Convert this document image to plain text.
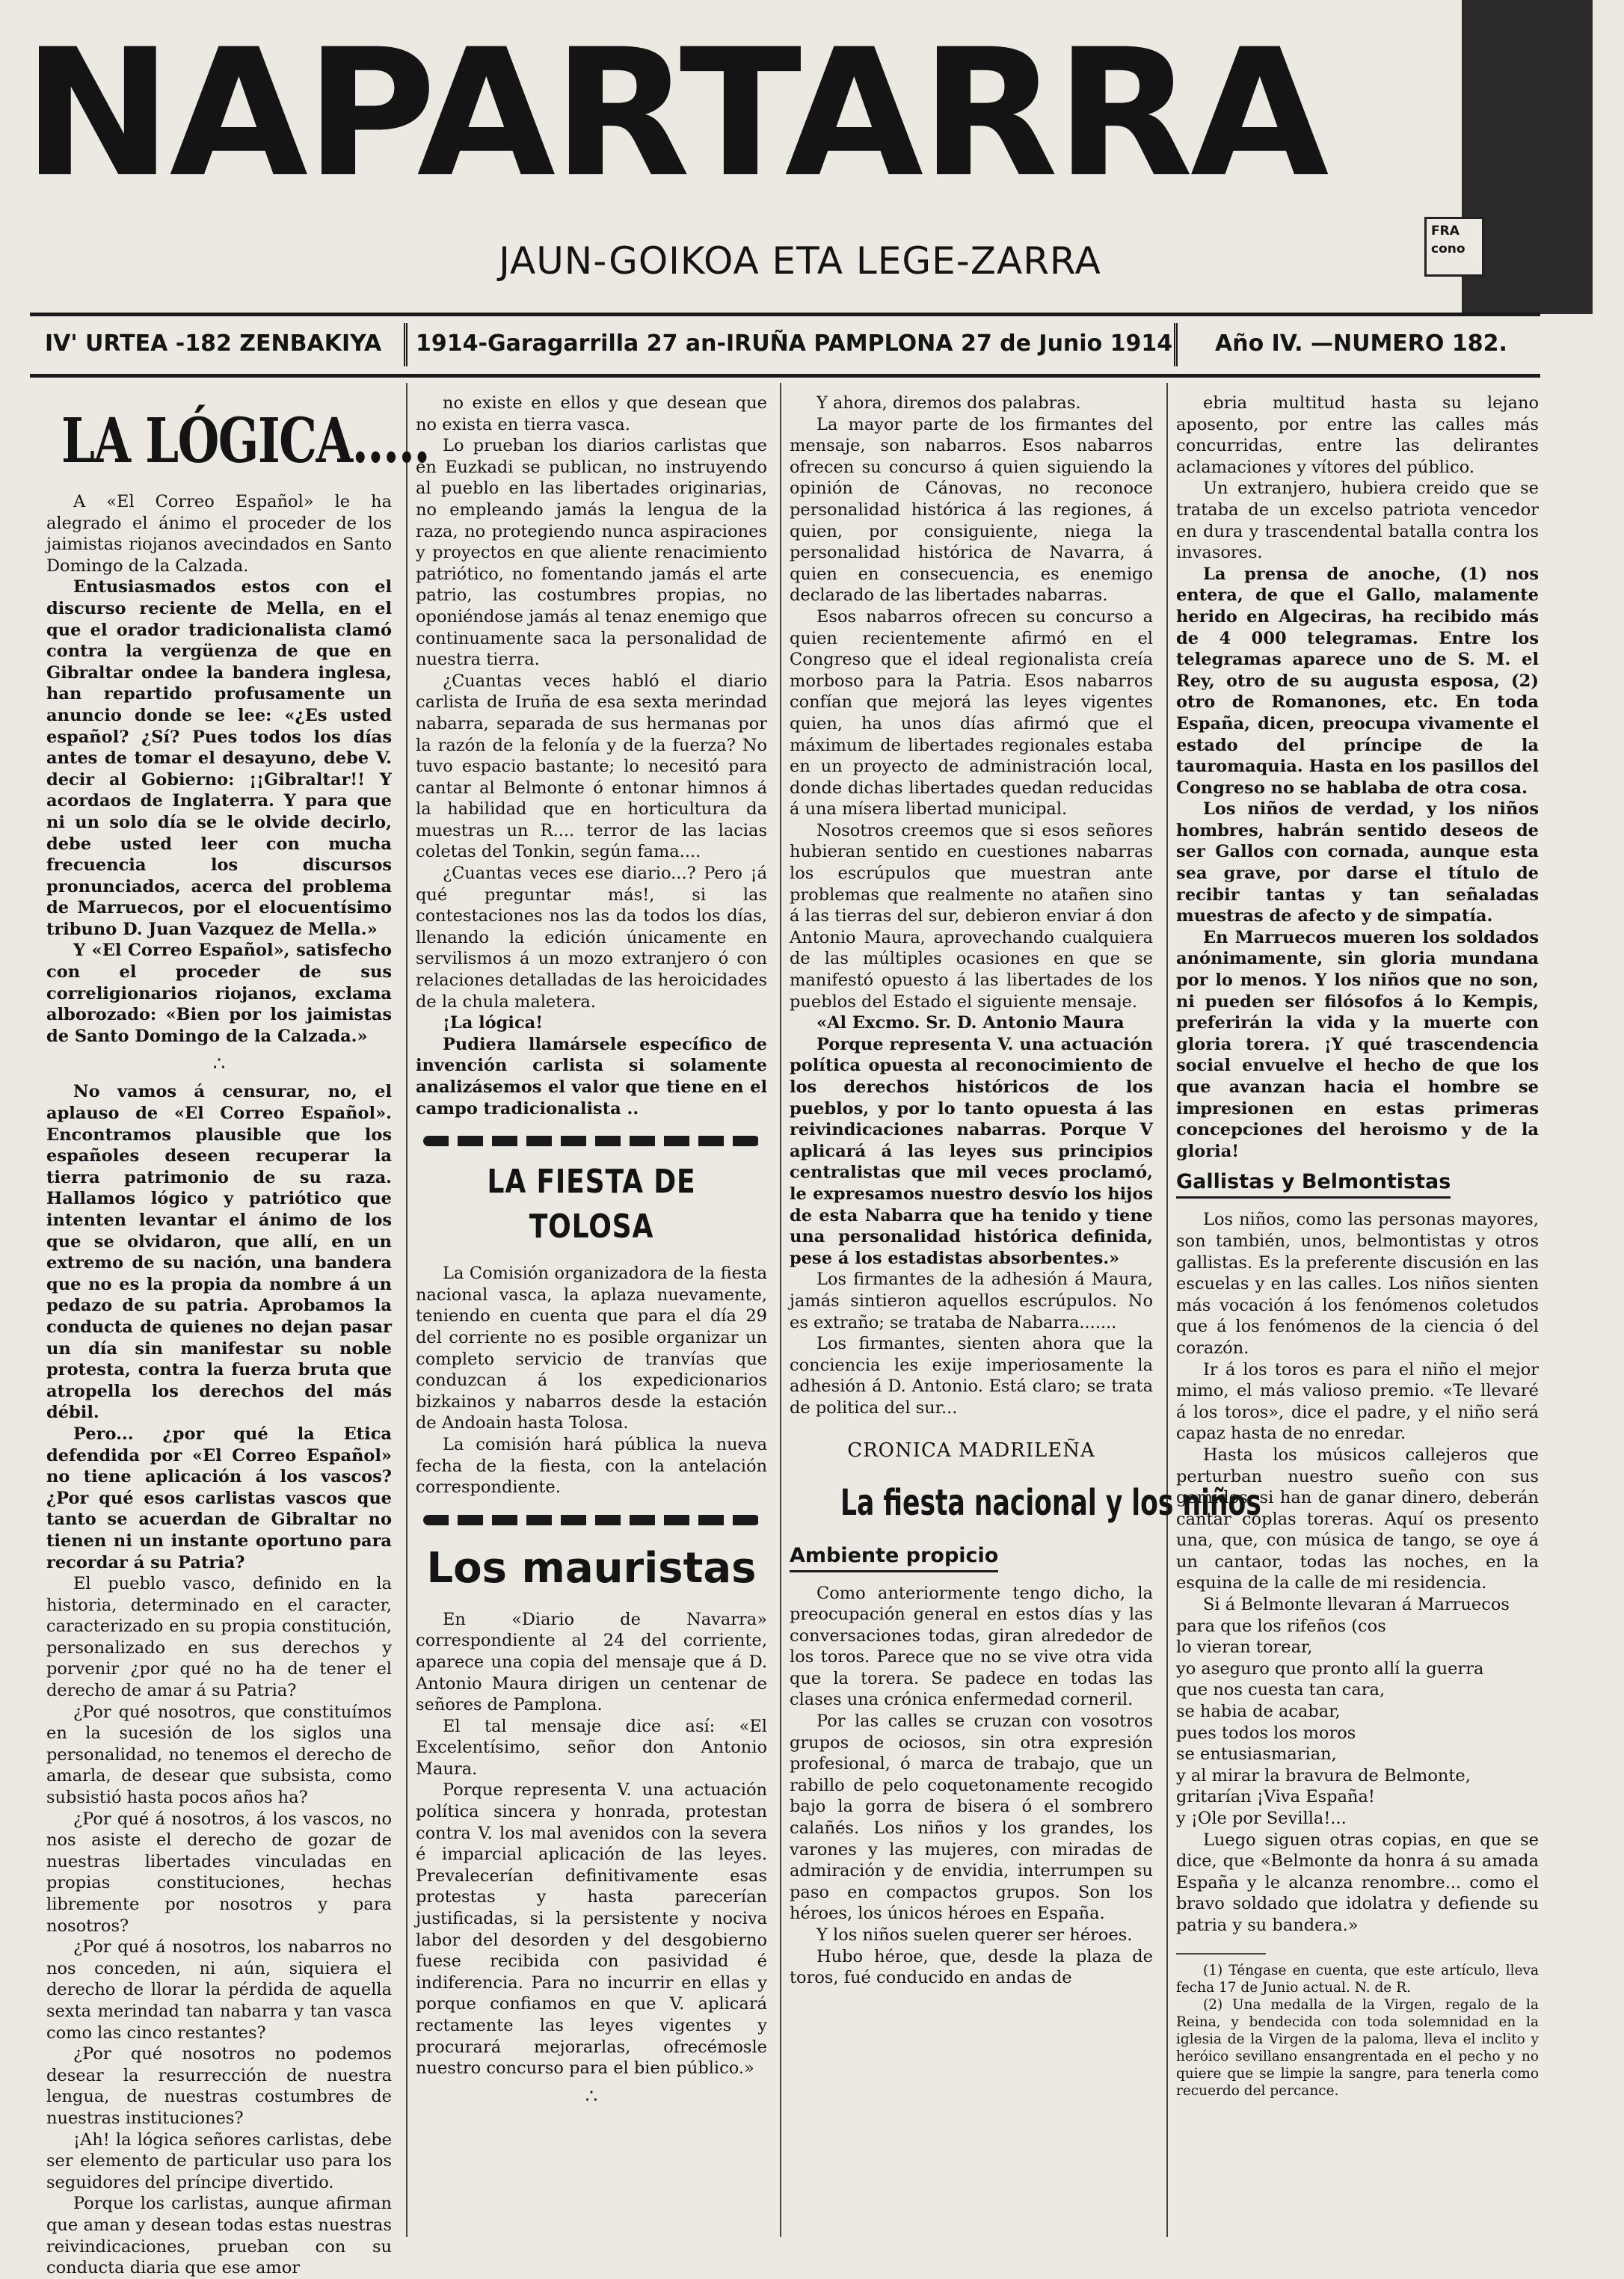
NAPARTARRA
FRA
cono
JAUN-GOIKOA ETA LEGE-ZARRA
IV' URTEA -182 ZENBAKIYA 1914-Garagarrilla 27 an-IRUÑA PAMPLONA 27 de Junio 1914 Año IV. —NUMERO 182.
LA LÓGICA.....

A «El Correo Español» le ha alegrado el ánimo el proceder de los jaimistas riojanos avecindados en Santo Domingo de la Calzada.

Entusiasmados estos con el discurso reciente de Mella, en el que el orador tradicionalista clamó contra la vergüenza de que en Gibraltar ondee la bandera inglesa, han repartido profusamente un anuncio donde se lee: «¿Es usted español? ¿Sí? Pues todos los días antes de tomar el desayuno, debe V. decir al Gobierno: ¡¡Gibraltar!! Y acordaos de Inglaterra. Y para que ni un solo día se le olvide decirlo, debe usted leer con mucha frecuencia los discursos pronunciados, acerca del problema de Marruecos, por el elocuentísimo tribuno D. Juan Vazquez de Mella.»

Y «El Correo Español», satisfecho con el proceder de sus correligionarios riojanos, exclama alborozado: «Bien por los jaimistas de Santo Domingo de la Calzada.»

∴

No vamos á censurar, no, el aplauso de «El Correo Español». Encontramos plausible que los españoles deseen recuperar la tierra patrimonio de su raza. Hallamos lógico y patriótico que intenten levantar el ánimo de los que se olvidaron, que allí, en un extremo de su nación, una bandera que no es la propia da nombre á un pedazo de su patria. Aprobamos la conducta de quienes no dejan pasar un día sin manifestar su noble protesta, contra la fuerza bruta que atropella los derechos del más débil.

Pero... ¿por qué la Etica defendida por «El Correo Español» no tiene aplicación á los vascos? ¿Por qué esos carlistas vascos que tanto se acuerdan de Gibraltar no tienen ni un instante oportuno para recordar á su Patria?

El pueblo vasco, definido en la historia, determinado en el caracter, caracterizado en su propia constitución, personalizado en sus derechos y porvenir ¿por qué no ha de tener el derecho de amar á su Patria?

¿Por qué nosotros, que constituímos en la sucesión de los siglos una personalidad, no tenemos el derecho de amarla, de desear que subsista, como subsistió hasta pocos años ha?

¿Por qué á nosotros, á los vascos, no nos asiste el derecho de gozar de nuestras libertades vinculadas en propias constituciones, hechas libremente por nosotros y para nosotros?

¿Por qué á nosotros, los nabarros no nos conceden, ni aún, siquiera el derecho de llorar la pérdida de aquella sexta merindad tan nabarra y tan vasca como las cinco restantes?

¿Por qué nosotros no podemos desear la resurrección de nuestra lengua, de nuestras costumbres de nuestras instituciones?

¡Ah! la lógica señores carlistas, debe ser elemento de particular uso para los seguidores del príncipe divertido.

Porque los carlistas, aunque afirman que aman y desean todas estas nuestras reivindicaciones, prueban con su conducta diaria que ese amor

no existe en ellos y que desean que no exista en tierra vasca.

Lo prueban los diarios carlistas que en Euzkadi se publican, no instruyendo al pueblo en las libertades originarias, no empleando jamás la lengua de la raza, no protegiendo nunca aspiraciones y proyectos en que aliente renacimiento patriótico, no fomentando jamás el arte patrio, las costumbres propias, no oponiéndose jamás al tenaz enemigo que continuamente saca la personalidad de nuestra tierra.

¿Cuantas veces habló el diario carlista de Iruña de esa sexta merindad nabarra, separada de sus hermanas por la razón de la felonía y de la fuerza? No tuvo espacio bastante; lo necesitó para cantar al Belmonte ó entonar himnos á la habilidad que en horticultura da muestras un R.... terror de las lacias coletas del Tonkin, según fama....

¿Cuantas veces ese diario...? Pero ¡á qué preguntar más!, si las contestaciones nos las da todos los días, llenando la edición únicamente en servilismos á un mozo extranjero ó con relaciones detalladas de las heroicidades de la chula maletera.

¡La lógica!

Pudiera llamársele específico de invención carlista si solamente analizásemos el valor que tiene en el campo tradicionalista ..

LA FIESTA DE TOLOSA

La Comisión organizadora de la fiesta nacional vasca, la aplaza nuevamente, teniendo en cuenta que para el día 29 del corriente no es posible organizar un completo servicio de tranvías que conduzcan á los expedicionarios bizkainos y nabarros desde la estación de Andoain hasta Tolosa.

La comisión hará pública la nueva fecha de la fiesta, con la antelación correspondiente.

Los mauristas

En «Diario de Navarra» correspondiente al 24 del corriente, aparece una copia del mensaje que á D. Antonio Maura dirigen un centenar de señores de Pamplona.

El tal mensaje dice así: «El Excelentísimo, señor don Antonio Maura.

Porque representa V. una actuación política sincera y honrada, protestan contra V. los mal avenidos con la severa é imparcial aplicación de las leyes. Prevalecerían definitivamente esas protestas y hasta parecerían justificadas, si la persistente y nociva labor del desorden y del desgobierno fuese recibida con pasividad é indiferencia. Para no incurrir en ellas y porque confiamos en que V. aplicará rectamente las leyes vigentes y procurará mejorarlas, ofrecémosle nuestro concurso para el bien público.»

∴

Y ahora, diremos dos palabras.

La mayor parte de los firmantes del mensaje, son nabarros. Esos nabarros ofrecen su concurso á quien siguiendo la opinión de Cánovas, no reconoce personalidad histórica á las regiones, á quien, por consiguiente, niega la personalidad histórica de Navarra, á quien en consecuencia, es enemigo declarado de las libertades nabarras.

Esos nabarros ofrecen su concurso a quien recientemente afirmó en el Congreso que el ideal regionalista creía morboso para la Patria. Esos nabarros confían que mejorá las leyes vigentes quien, ha unos días afirmó que el máximum de libertades regionales estaba en un proyecto de administración local, donde dichas libertades quedan reducidas á una mísera libertad municipal.

Nosotros creemos que si esos señores hubieran sentido en cuestiones nabarras los escrúpulos que muestran ante problemas que realmente no atañen sino á las tierras del sur, debieron enviar á don Antonio Maura, aprovechando cualquiera de las múltiples ocasiones en que se manifestó opuesto á las libertades de los pueblos del Estado el siguiente mensaje.

«Al Excmo. Sr. D. Antonio Maura

Porque representa V. una actuación política opuesta al reconocimiento de los derechos históricos de los pueblos, y por lo tanto opuesta á las reivindicaciones nabarras. Porque V aplicará á las leyes sus principios centralistas que mil veces proclamó, le expresamos nuestro desvío los hijos de esta Nabarra que ha tenido y tiene una personalidad histórica definida, pese á los estadistas absorbentes.»

Los firmantes de la adhesión á Maura, jamás sintieron aquellos escrúpulos. No es extraño; se trataba de Nabarra.......

Los firmantes, sienten ahora que la conciencia les exije imperiosamente la adhesión á D. Antonio. Está claro; se trata de politica del sur...

CRONICA MADRILEÑA
La fiesta nacional y los niños
Ambiente propicio

Como anteriormente tengo dicho, la preocupación general en estos días y las conversaciones todas, giran alrededor de los toros. Parece que no se vive otra vida que la torera. Se padece en todas las clases una crónica enfermedad corneril.

Por las calles se cruzan con vosotros grupos de ociosos, sin otra expresión profesional, ó marca de trabajo, que un rabillo de pelo coquetonamente recogido bajo la gorra de bisera ó el sombrero calañés. Los niños y los grandes, los varones y las mujeres, con miradas de admiración y de envidia, interrumpen su paso en compactos grupos. Son los héroes, los únicos héroes en España.

Y los niños suelen querer ser héroes.

Hubo héroe, que, desde la plaza de toros, fué conducido en andas de

ebria multitud hasta su lejano aposento, por entre las calles más concurridas, entre las delirantes aclamaciones y vítores del público.

Un extranjero, hubiera creido que se trataba de un excelso patriota vencedor en dura y trascendental batalla contra los invasores.

La prensa de anoche, (1) nos entera, de que el Gallo, malamente herido en Algeciras, ha recibido más de 4 000 telegramas. Entre los telegramas aparece uno de S. M. el Rey, otro de su augusta esposa, (2) otro de Romanones, etc. En toda España, dicen, preocupa vivamente el estado del príncipe de la tauromaquia. Hasta en los pasillos del Congreso no se hablaba de otra cosa.

Los niños de verdad, y los niños hombres, habrán sentido deseos de ser Gallos con cornada, aunque esta sea grave, por darse el título de recibir tantas y tan señaladas muestras de afecto y de simpatía.

En Marruecos mueren los soldados anónimamente, sin gloria mundana por lo menos. Y los niños que no son, ni pueden ser filósofos á lo Kempis, preferirán la vida y la muerte con gloria torera. ¡Y qué trascendencia social envuelve el hecho de que los que avanzan hacia el hombre se impresionen en estas primeras concepciones del heroismo y de la gloria!

Gallistas y Belmontistas

Los niños, como las personas mayores, son también, unos, belmontistas y otros gallistas. Es la preferente discusión en las escuelas y en las calles. Los niños sienten más vocación á los fenómenos coletudos que á los fenómenos de la ciencia ó del corazón.

Ir á los toros es para el niño el mejor mimo, el más valioso premio. «Te llevaré á los toros», dice el padre, y el niño será capaz hasta de no enredar.

Hasta los músicos callejeros que perturban nuestro sueño con sus gemidos, si han de ganar dinero, deberán cantar coplas toreras. Aquí os presento una, que, con música de tango, se oye á un cantaor, todas las noches, en la esquina de la calle de mi residencia.

Si á Belmonte llevaran á Marruecos

para que los rifeños (cos

lo vieran torear,

yo aseguro que pronto allí la guerra

que nos cuesta tan cara,

se habia de acabar,

pues todos los moros

se entusiasmarian,

y al mirar la bravura de Belmonte,

gritarían ¡Viva España!

y ¡Ole por Sevilla!...

Luego siguen otras copias, en que se dice, que «Belmonte da honra á su amada España y le alcanza renombre... como el bravo soldado que idolatra y defiende su patria y su bandera.»

(1) Téngase en cuenta, que este artículo, lleva fecha 17 de Junio actual. N. de R.

(2) Una medalla de la Virgen, regalo de la Reina, y bendecida con toda solemnidad en la iglesia de la Virgen de la paloma, lleva el inclito y heróico sevillano ensangrentada en el pecho y no quiere que se limpie la sangre, para tenerla como recuerdo del percance.
